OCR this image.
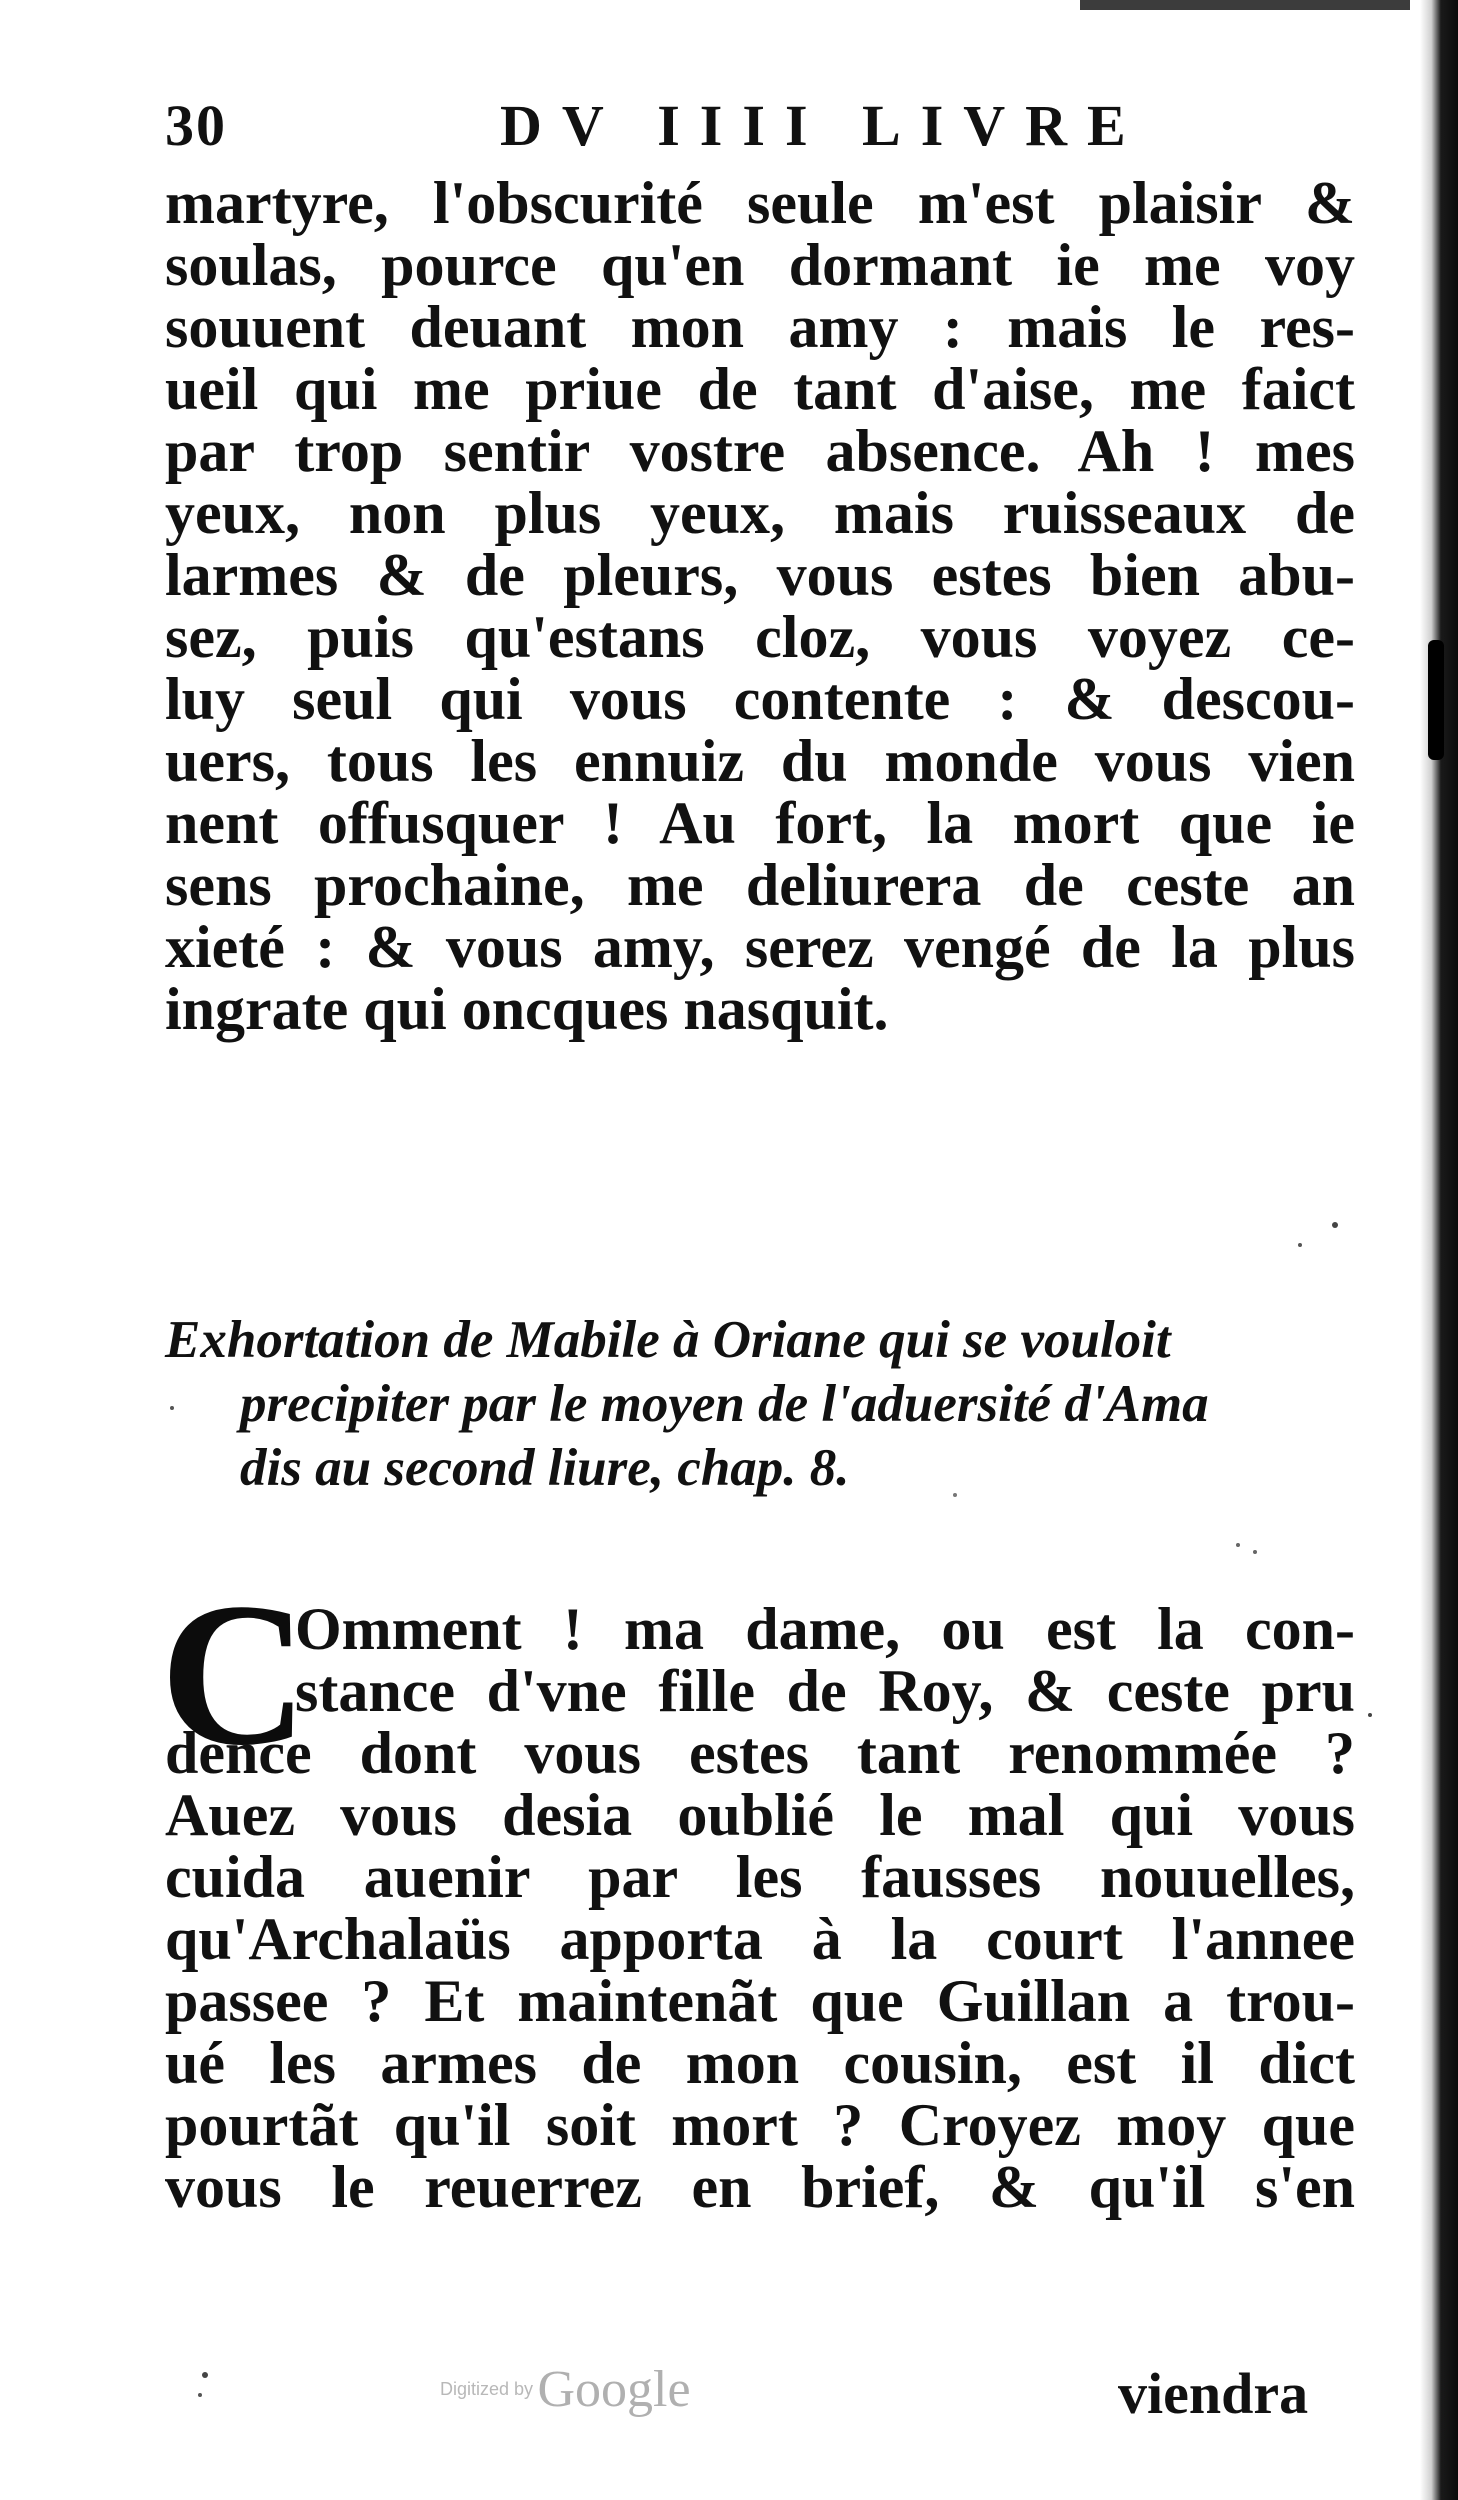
30	DV IIII LIVRE
martyre, l'obscurité seule m'est plaisir &
soulas, pource qu'en dormant ie me voy
souuent deuant mon amy : mais le res-
ueil qui me priue de tant d'aise, me faict
par trop sentir vostre absence. Ah ! mes
yeux, non plus yeux, mais ruisseaux de
larmes & de pleurs, vous estes bien abu-
sez, puis qu'estans cloz, vous voyez ce-
luy seul qui vous contente : & descou-
uers, tous les ennuiz du monde vous vien
nent offusquer ! Au fort, la mort que ie
sens prochaine, me deliurera de ceste an
xieté : & vous amy, serez vengé de la plus
ingrate qui oncques nasquit.
Exhortation de Mabile à Oriane qui se vouloit
precipiter par le moyen de l'aduersité d'Ama
dis au second liure, chap. 8.
C
Omment ! ma dame, ou est la con-
stance d'vne fille de Roy, & ceste pru
dence dont vous estes tant renommée ?
Auez vous desia oublié le mal qui vous
cuida auenir par les fausses nouuelles,
qu'Archalaüs apporta à la court l'annee
passee ? Et maintenãt que Guillan a trou-
ué les armes de mon cousin, est il dict
pourtãt qu'il soit mort ? Croyez moy que
vous le reuerrez en brief, & qu'il s'en
Digitized by Google	viendra
